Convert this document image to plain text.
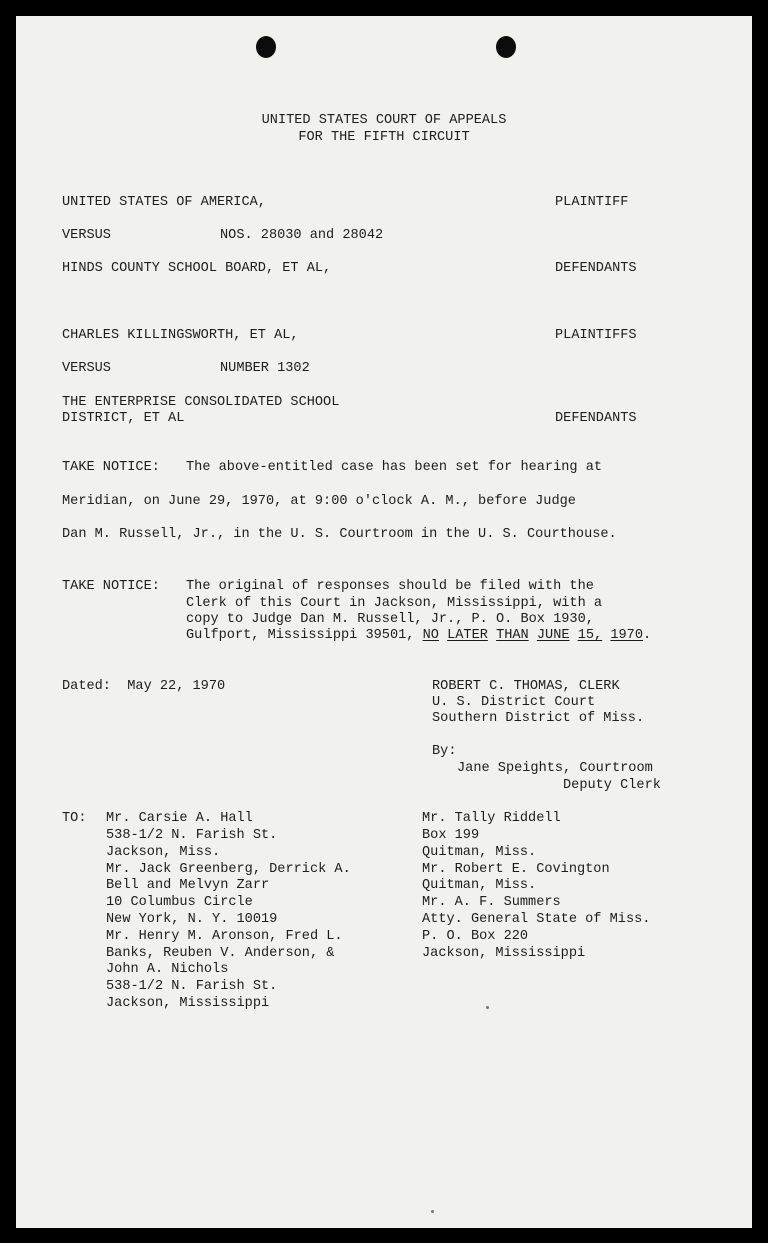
UNITED STATES COURT OF APPEALS
FOR THE FIFTH CIRCUIT
UNITED STATES OF AMERICA,	PLAINTIFF
VERSUS	NOS. 28030 and 28042
HINDS COUNTY SCHOOL BOARD, ET AL,	DEFENDANTS
CHARLES KILLINGSWORTH, ET AL,	PLAINTIFFS
VERSUS	NUMBER 1302
THE ENTERPRISE CONSOLIDATED SCHOOL
DISTRICT, ET AL	DEFENDANTS
TAKE NOTICE: The above-entitled case has been set for hearing at
Meridian, on June 29, 1970, at 9:00 o'clock A. M., before Judge
Dan M. Russell, Jr., in the U. S. Courtroom in the U. S. Courthouse.
TAKE NOTICE: The original of responses should be filed with the
Clerk of this Court in Jackson, Mississippi, with a
copy to Judge Dan M. Russell, Jr., P. O. Box 1930,
Gulfport, Mississippi 39501, NO LATER THAN JUNE 15, 1970.
Dated:  May 22, 1970	ROBERT C. THOMAS, CLERK
U. S. District Court
Southern District of Miss.
By:
Jane Speights, Courtroom
Deputy Clerk
TO: Mr. Carsie A. Hall
538-1/2 N. Farish St.
Jackson, Miss.
Mr. Jack Greenberg, Derrick A.
Bell and Melvyn Zarr
10 Columbus Circle
New York, N. Y. 10019
Mr. Henry M. Aronson, Fred L.
Banks, Reuben V. Anderson, &
John A. Nichols
538-1/2 N. Farish St.
Jackson, Mississippi
Mr. Tally Riddell
Box 199
Quitman, Miss.
Mr. Robert E. Covington
Quitman, Miss.
Mr. A. F. Summers
Atty. General State of Miss.
P. O. Box 220
Jackson, Mississippi
